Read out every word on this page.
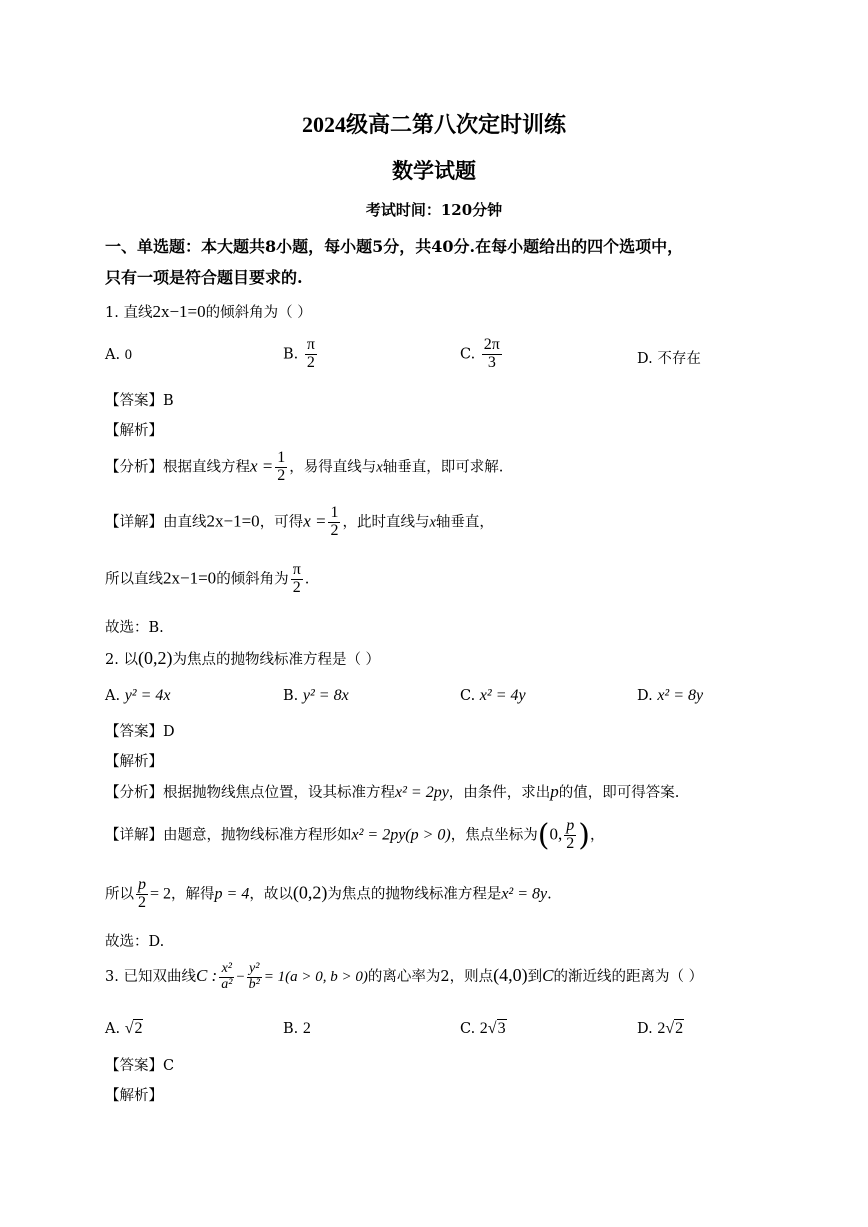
2024级高二第八次定时训练
数学试题
考试时间：120分钟
一、单选题：本大题共8小题，每小题5分，共40分.在每小题给出的四个选项中，
只有一项是符合题目要求的.
1. 直线2x−1=0的倾斜角为（ ）
A. 0	B. $\frac{\pi}{2}$	C. $\frac{2\pi}{3}$	D. 不存在
【答案】B
【解析】
【分析】根据直线方程$x = \frac{1}{2}$ ，易得直线与x轴垂直，即可求解.
【详解】由直线2x−1=0，可得$x = \frac{1}{2}$ ，此时直线与x轴垂直，
所以直线2x−1=0的倾斜角为 $\frac{\pi}{2}$ .
故选：B.
2. 以(0,2)为焦点的抛物线标准方程是（ ）
A. y² = 4x	B. y² = 8x	C. x² = 4y	D. x² = 8y
【答案】D
【解析】
【分析】根据抛物线焦点位置，设其标准方程x² = 2py，由条件，求出p的值，即可得答案.
【详解】由题意，抛物线标准方程形如x² = 2py(p > 0)，焦点坐标为(0, $\frac{p}{2}$ )，
所以 $\frac{p}{2} = 2$，解得p = 4，故以(0,2)为焦点的抛物线标准方程是x² = 8y.
故选：D.
3. 已知双曲线C : $\frac{\text{x²}}{\text{a²}} - \frac{\text{y²}}{\text{b²}} = 1(a > 0$, b > 0)的离心率为2，则点(4,0)到C的渐近线的距离为（ ）
A. √2	B. 2	C. 2√3	D. 2√2
【答案】C
【解析】
